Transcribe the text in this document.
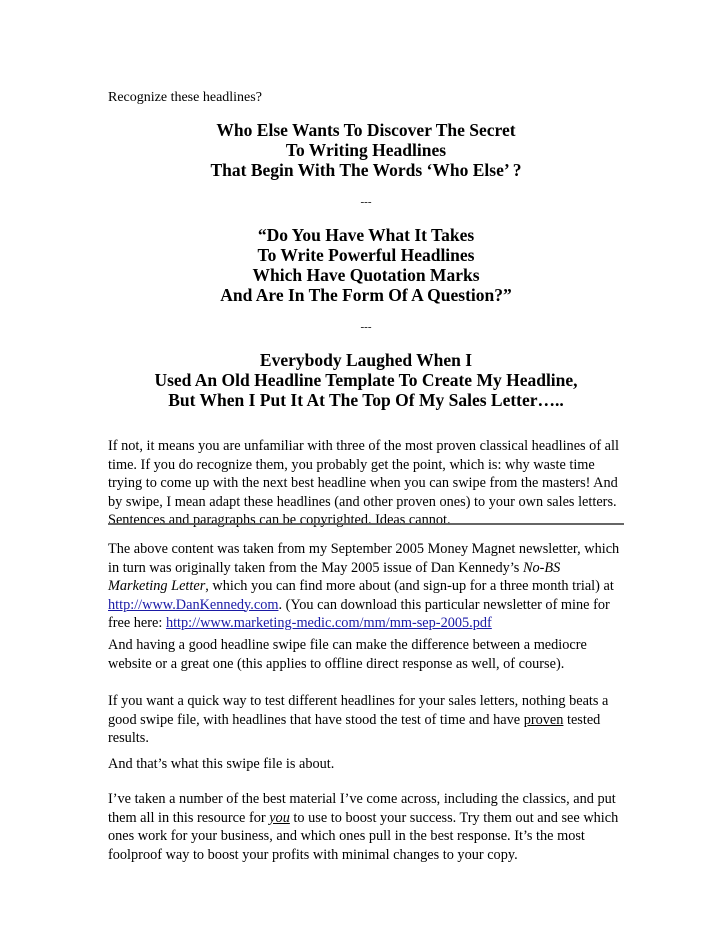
Recognize these headlines?
Who Else Wants To Discover The Secret
To Writing Headlines
That Begin With The Words ‘Who Else’ ?
---
“Do You Have What It Takes
To Write Powerful Headlines
Which Have Quotation Marks
And Are In The Form Of A Question?”
---
Everybody Laughed When I
Used An Old Headline Template To Create My Headline,
But When I Put It At The Top Of My Sales Letter…..
If not, it means you are unfamiliar with three of the most proven classical headlines of all
time. If you do recognize them, you probably get the point, which is: why waste time
trying to come up with the next best headline when you can swipe from the masters! And
by swipe, I mean adapt these headlines (and other proven ones) to your own sales letters.
Sentences and paragraphs can be copyrighted. Ideas cannot.
The above content was taken from my September 2005 Money Magnet newsletter, which
in turn was originally taken from the May 2005 issue of Dan Kennedy’s No-BS
Marketing Letter, which you can find more about (and sign-up for a three month trial) at
http://www.DanKennedy.com. (You can download this particular newsletter of mine for
free here: http://www.marketing-medic.com/mm/mm-sep-2005.pdf
And having a good headline swipe file can make the difference between a mediocre
website or a great one (this applies to offline direct response as well, of course).
If you want a quick way to test different headlines for your sales letters, nothing beats a
good swipe file, with headlines that have stood the test of time and have proven tested
results.
And that’s what this swipe file is about.
I’ve taken a number of the best material I’ve come across, including the classics, and put
them all in this resource for you to use to boost your success. Try them out and see which
ones work for your business, and which ones pull in the best response. It’s the most
foolproof way to boost your profits with minimal changes to your copy.
